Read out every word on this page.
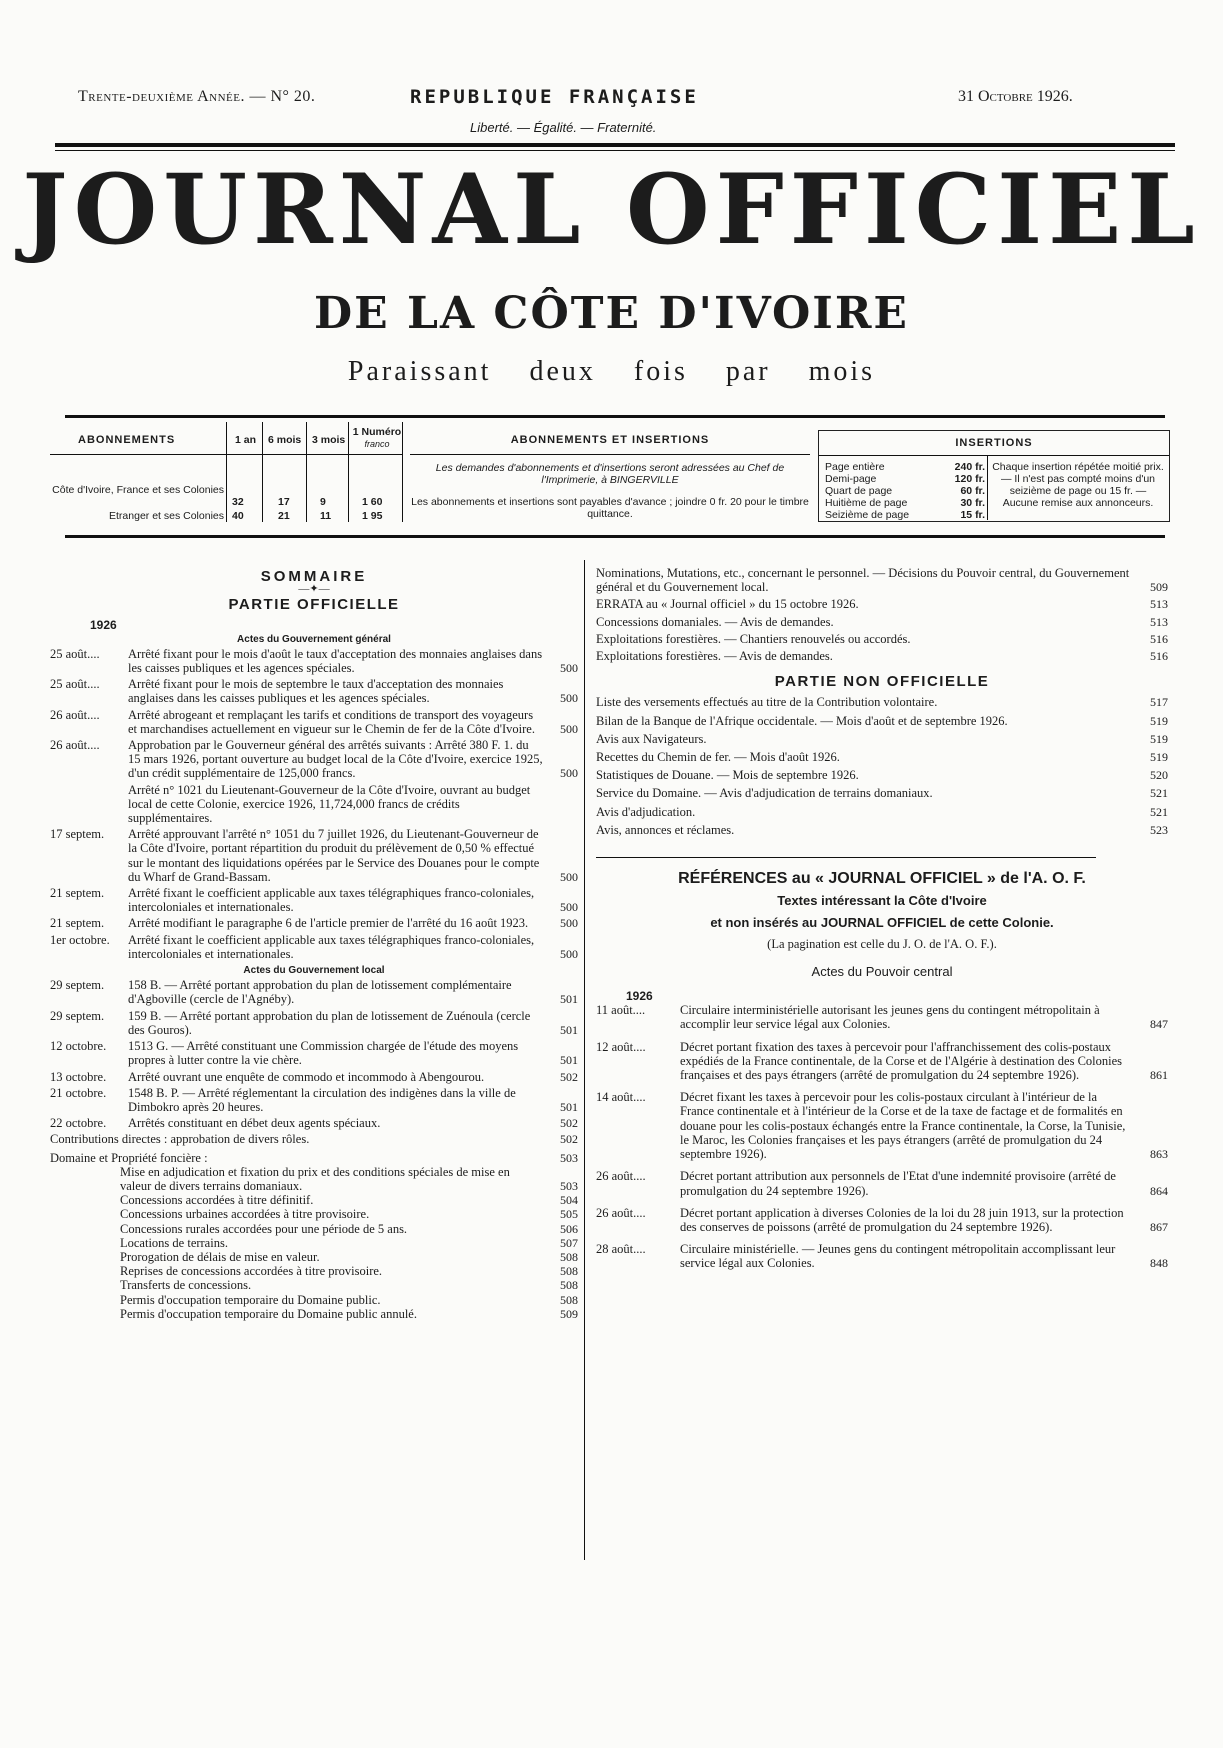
Trente-deuxième Année. — N° 20.	REPUBLIQUE FRANÇAISE	31 Octobre 1926.
Liberté. — Égalité. — Fraternité.
JOURNAL OFFICIEL
DE LA CÔTE D'IVOIRE
Paraissant deux fois par mois
ABONNEMENTS	1 an 6 mois 3 mois
1 Numéro
franco
Côte d'Ivoire, France et ses Colonies
32	17	9	1 60
Etranger et ses Colonies 40	21	11	1 95
ABONNEMENTS ET INSERTIONS
Les demandes d'abonnements et d'insertions seront adressées au Chef de l'Imprimerie, à BINGERVILLE
Les abonnements et insertions sont payables d'avance ; joindre 0 fr. 20 pour le timbre quittance.
INSERTIONS
Page entière	240 fr.
Demi-page	120 fr.
Quart de page	60 fr.
Huitième de page	30 fr.
Seizième de page	15 fr.
Chaque insertion répétée moitié prix. — Il n'est pas compté moins d'un seizième de page ou 15 fr. — Aucune remise aux annonceurs.
SOMMAIRE
—✦—
PARTIE OFFICIELLE
1926
Actes du Gouvernement général
25 août.... Arrêté fixant pour le mois d'août le taux d'acceptation des monnaies anglaises dans les caisses publiques et les agences spéciales.	500
25 août.... Arrêté fixant pour le mois de septembre le taux d'acceptation des monnaies anglaises dans les caisses publiques et les agences spéciales.	500
26 août.... Arrêté abrogeant et remplaçant les tarifs et conditions de transport des voyageurs et marchandises actuellement en vigueur sur le Chemin de fer de la Côte d'Ivoire. 500
26 août.... Approbation par le Gouverneur général des arrêtés suivants : Arrêté 380 F. 1. du 15 mars 1926, portant ouverture au budget local de la Côte d'Ivoire, exercice 1925, d'un crédit supplémentaire de 125,000 francs.	500
Arrêté n° 1021 du Lieutenant-Gouverneur de la Côte d'Ivoire, ouvrant au budget local de cette Colonie, exercice 1926, 11,724,000 francs de crédits supplémentaires.
17 septem. Arrêté approuvant l'arrêté n° 1051 du 7 juillet 1926, du Lieutenant-Gouverneur de la Côte d'Ivoire, portant répartition du produit du prélèvement de 0,50 % effectué sur le montant des liquidations opérées par le Service des Douanes pour le compte du Wharf de Grand-Bassam.	500
21 septem. Arrêté fixant le coefficient applicable aux taxes télégraphiques franco-coloniales, intercoloniales et internationales.	500
21 septem. Arrêté modifiant le paragraphe 6 de l'article premier de l'arrêté du 16 août 1923.	500
1er octobre. Arrêté fixant le coefficient applicable aux taxes télégraphiques franco-coloniales, intercoloniales et internationales.	500
Actes du Gouvernement local
29 septem. 158 B. — Arrêté portant approbation du plan de lotissement complémentaire d'Agboville (cercle de l'Agnéby).	501
29 septem. 159 B. — Arrêté portant approbation du plan de lotissement de Zuénoula (cercle des Gouros).	501
12 octobre. 1513 G. — Arrêté constituant une Commission chargée de l'étude des moyens propres à lutter contre la vie chère.	501
13 octobre. Arrêté ouvrant une enquête de commodo et incommodo à Abengourou.	502
21 octobre. 1548 B. P. — Arrêté réglementant la circulation des indigènes dans la ville de Dimbokro après 20 heures.	501
22 octobre. Arrêtés constituant en débet deux agents spéciaux.	502
Contributions directes : approbation de divers rôles.	502
Domaine et Propriété foncière :	503
Mise en adjudication et fixation du prix et des conditions spéciales de mise en valeur de divers terrains domaniaux.	503
Concessions accordées à titre définitif.	504
Concessions urbaines accordées à titre provisoire.	505
Concessions rurales accordées pour une période de 5 ans.	506
Locations de terrains.	507
Prorogation de délais de mise en valeur.	508
Reprises de concessions accordées à titre provisoire.	508
Transferts de concessions.	508
Permis d'occupation temporaire du Domaine public.	508
Permis d'occupation temporaire du Domaine public annulé.	509
Nominations, Mutations, etc., concernant le personnel. — Décisions du Pouvoir central, du Gouvernement général et du Gouvernement local.	509
ERRATA au « Journal officiel » du 15 octobre 1926.	513
Concessions domaniales. — Avis de demandes.	513
Exploitations forestières. — Chantiers renouvelés ou accordés.	516
Exploitations forestières. — Avis de demandes.	516
PARTIE NON OFFICIELLE
Liste des versements effectués au titre de la Contribution volontaire.	517
Bilan de la Banque de l'Afrique occidentale. — Mois d'août et de septembre 1926.	519
Avis aux Navigateurs.	519
Recettes du Chemin de fer. — Mois d'août 1926.	519
Statistiques de Douane. — Mois de septembre 1926.	520
Service du Domaine. — Avis d'adjudication de terrains domaniaux.	521
Avis d'adjudication.	521
Avis, annonces et réclames.	523
RÉFÉRENCES au « JOURNAL OFFICIEL » de l'A. O. F.
Textes intéressant la Côte d'Ivoire
et non insérés au JOURNAL OFFICIEL de cette Colonie.
(La pagination est celle du J. O. de l'A. O. F.).
Actes du Pouvoir central
1926
11 août....	Circulaire interministérielle autorisant les jeunes gens du contingent métropolitain à accomplir leur service légal aux Colonies.	847
12 août....	Décret portant fixation des taxes à percevoir pour l'affranchissement des colis-postaux expédiés de la France continentale, de la Corse et de l'Algérie à destination des Colonies françaises et des pays étrangers (arrêté de promulgation du 24 septembre 1926).	861
14 août....	Décret fixant les taxes à percevoir pour les colis-postaux circulant à l'intérieur de la France continentale et à l'intérieur de la Corse et de la taxe de factage et de formalités en douane pour les colis-postaux échangés entre la France continentale, la Corse, la Tunisie, le Maroc, les Colonies françaises et les pays étrangers (arrêté de promulgation du 24 septembre 1926).	863
26 août....	Décret portant attribution aux personnels de l'Etat d'une indemnité provisoire (arrêté de promulgation du 24 septembre 1926).	864
26 août....	Décret portant application à diverses Colonies de la loi du 28 juin 1913, sur la protection des conserves de poissons (arrêté de promulgation du 24 septembre 1926).	867
28 août....	Circulaire ministérielle. — Jeunes gens du contingent métropolitain accomplissant leur service légal aux Colonies.	848
